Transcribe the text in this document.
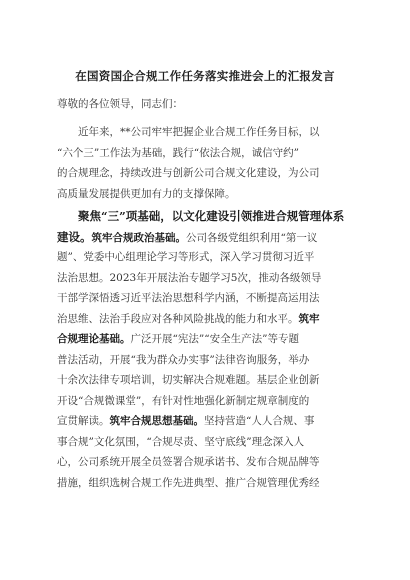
在国资国企合规工作任务落实推进会上的汇报发言
尊敬的各位领导，同志们：
近年来，**公司牢牢把握企业合规工作任务目标，以
“六个三”工作法为基础，践行“依法合规，诚信守约”
的合规理念，持续改进与创新公司合规文化建设，为公司
高质量发展提供更加有力的支撑保障。
聚焦“三”项基础，以文化建设引领推进合规管理体系
建设。筑牢合规政治基础。公司各级党组织利用“第一议
题”、党委中心组理论学习等形式，深入学习贯彻习近平
法治思想。2023年开展法治专题学习5次，推动各级领导
干部学深悟透习近平法治思想科学内涵，不断提高运用法
治思维、法治手段应对各种风险挑战的能力和水平。筑牢
合规理论基础。广泛开展“宪法”“安全生产法”等专题
普法活动，开展“我为群众办实事”法律咨询服务，举办
十余次法律专项培训，切实解决合规难题。基层企业创新
开设“合规微课堂”，有针对性地强化新制定规章制度的
宣贯解读。筑牢合规思想基础。坚持营造“人人合规、事
事合规”文化氛围，“合规尽责、坚守底线”理念深入人
心，公司系统开展全员签署合规承诺书、发布合规品牌等
措施，组织选树合规工作先进典型、推广合规管理优秀经
